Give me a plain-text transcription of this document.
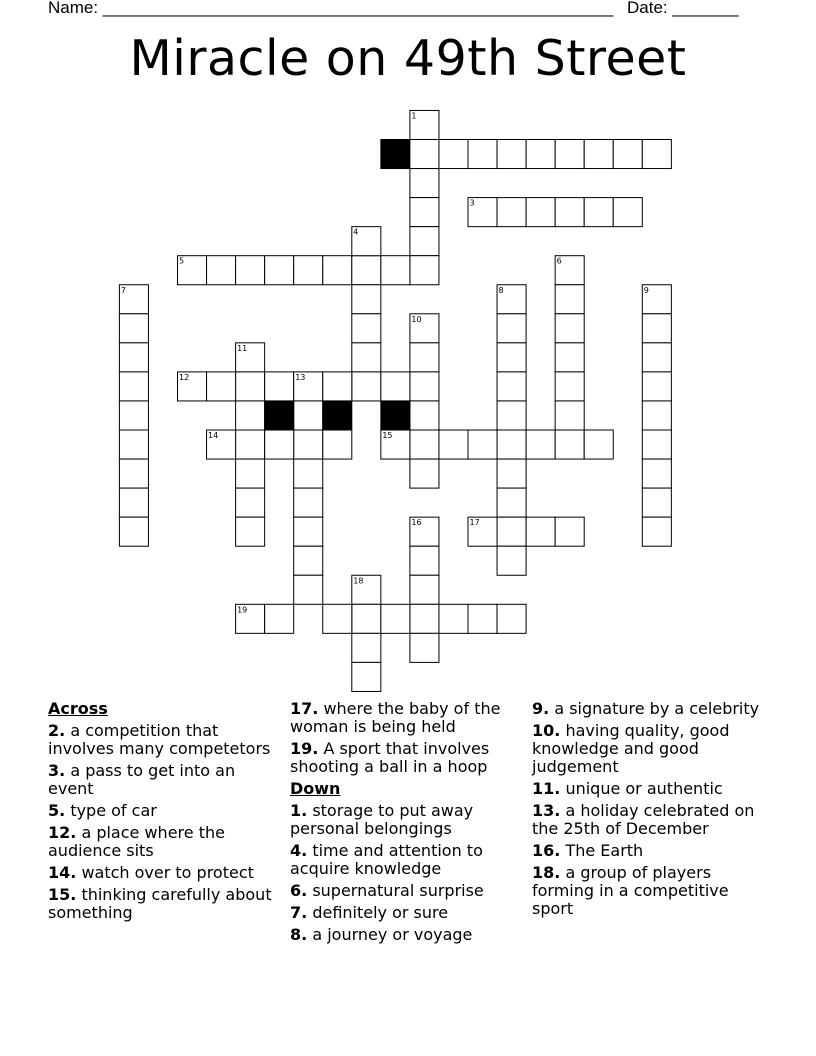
Name: ______________________________________________________ Date: _______
Miracle on 49th Street
1
2
3
4
5	6
7	8	9
10
11
12	13
14	15
16	17
18
19
Across
2. a competition that involves many competetors
3. a pass to get into an event
5. type of car
12. a place where the audience sits
14. watch over to protect
15. thinking carefully about something
17. where the baby of the woman is being held
19. A sport that involves shooting a ball in a hoop
Down
1. storage to put away personal belongings
4. time and attention to acquire knowledge
6. supernatural surprise
7. definitely or sure
8. a journey or voyage
9. a signature by a celebrity
10. having quality, good knowledge and good judgement
11. unique or authentic
13. a holiday celebrated on the 25th of December
16. The Earth
18. a group of players forming in a competitive sport
